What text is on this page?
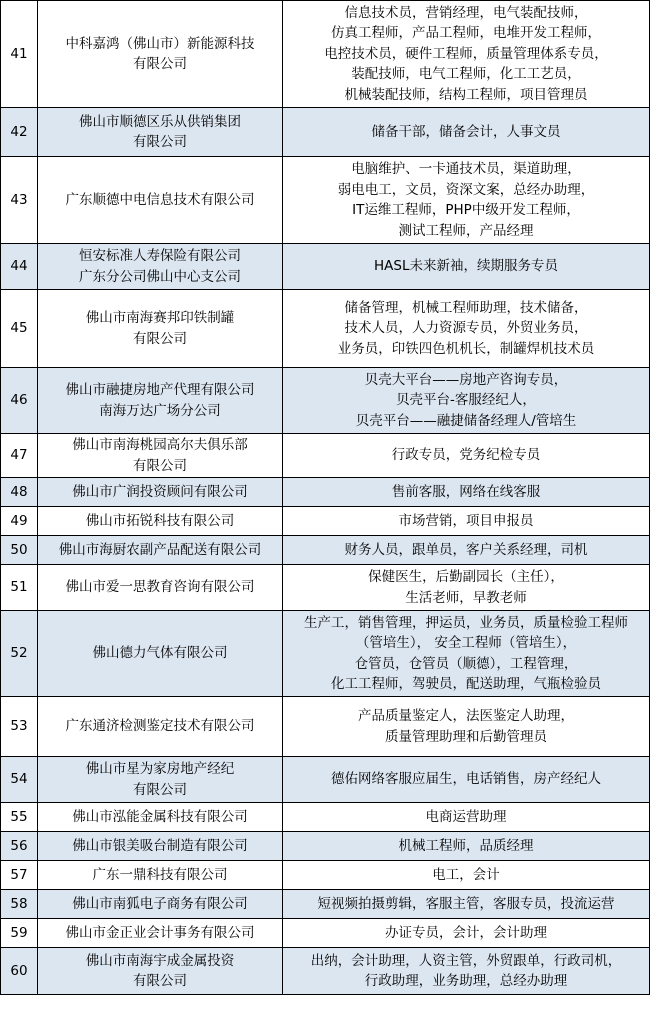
41	中科嘉鸿（佛山市）新能源科技
有限公司	信息技术员，营销经理，电气装配技师，
仿真工程师，产品工程师，电堆开发工程师，
电控技术员，硬件工程师，质量管理体系专员，
装配技师，电气工程师，化工工艺员，
机械装配技师，结构工程师，项目管理员

42	佛山市顺德区乐从供销集团
有限公司	储备干部，储备会计，人事文员

43	广东顺德中电信息技术有限公司	电脑维护、一卡通技术员，渠道助理，
弱电电工，文员，资深文案，总经办助理，
IT运维工程师，PHP中级开发工程师，
测试工程师，产品经理

44	恒安标准人寿保险有限公司
广东分公司佛山中心支公司	HASL未来新袖，续期服务专员

45	佛山市南海赛邦印铁制罐
有限公司	储备管理，机械工程师助理，技术储备，
技术人员，人力资源专员，外贸业务员，
业务员，印铁四色机机长，制罐焊机技术员

46	佛山市融捷房地产代理有限公司
南海万达广场分公司	贝壳大平台——房地产咨询专员，
贝壳平台-客服经纪人，
贝壳平台——融捷储备经理人/管培生

47	佛山市南海桃园高尔夫俱乐部
有限公司	行政专员，党务纪检专员

48	佛山市广润投资顾问有限公司	售前客服，网络在线客服

49	佛山市拓锐科技有限公司	市场营销，项目申报员

50	佛山市海厨农副产品配送有限公司	财务人员，跟单员，客户关系经理，司机

51	佛山市爱一思教育咨询有限公司	保健医生，后勤副园长（主任），
生活老师，早教老师

52	佛山德力气体有限公司	生产工，销售管理，押运员，业务员，质量检验工程师
（管培生）， 安全工程师（管培生），
仓管员，仓管员（顺德），工程管理，
化工工程师，驾驶员，配送助理，气瓶检验员

53	广东通济检测鉴定技术有限公司	产品质量鉴定人，法医鉴定人助理，
质量管理助理和后勤管理员

54	佛山市星为家房地产经纪
有限公司	德佑网络客服应届生，电话销售，房产经纪人

55	佛山市泓能金属科技有限公司	电商运营助理

56	佛山市银美吸台制造有限公司	机械工程师，品质经理

57	广东一鼎科技有限公司	电工，会计

58	佛山市南狐电子商务有限公司	短视频拍摄剪辑，客服主管，客服专员，投流运营

59	佛山市金正业会计事务有限公司	办证专员，会计，会计助理

60	佛山市南海宇成金属投资
有限公司	出纳，会计助理，人资主管，外贸跟单，行政司机，
行政助理，业务助理，总经办助理
